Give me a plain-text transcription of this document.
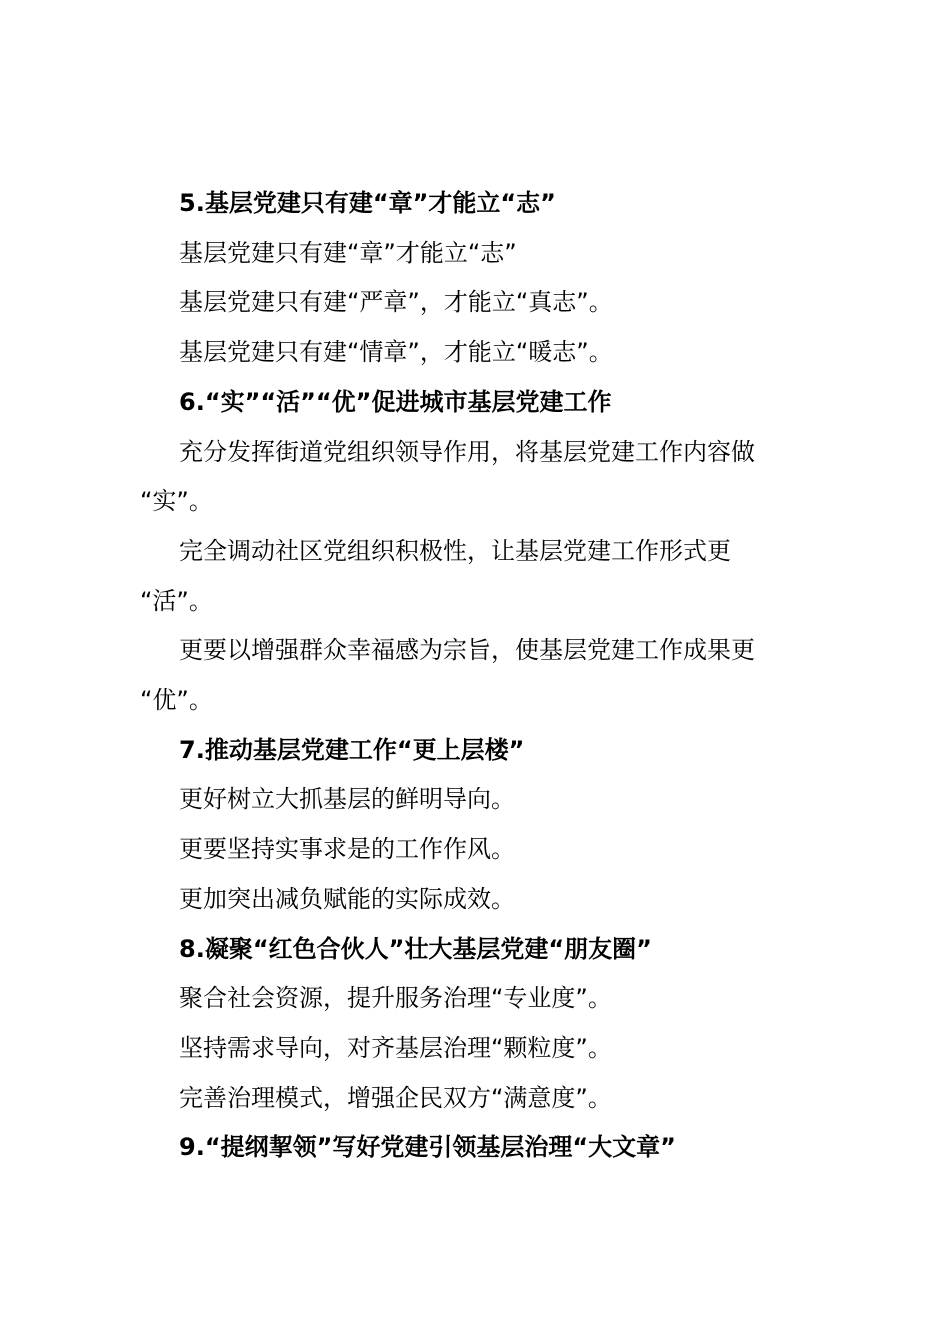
5.基层党建只有建“章”才能立“志”

基层党建只有建“章”才能立“志”

基层党建只有建“严章”，才能立“真志”。

基层党建只有建“情章”，才能立“暖志”。

6.“实”“活”“优”促进城市基层党建工作

充分发挥街道党组织领导作用，将基层党建工作内容做

“实”。

完全调动社区党组织积极性，让基层党建工作形式更

“活”。

更要以增强群众幸福感为宗旨，使基层党建工作成果更

“优”。

7.推动基层党建工作“更上层楼”

更好树立大抓基层的鲜明导向。

更要坚持实事求是的工作作风。

更加突出减负赋能的实际成效。

8.凝聚“红色合伙人”壮大基层党建“朋友圈”

聚合社会资源，提升服务治理“专业度”。

坚持需求导向，对齐基层治理“颗粒度”。

完善治理模式，增强企民双方“满意度”。

9.“提纲挈领”写好党建引领基层治理“大文章”
